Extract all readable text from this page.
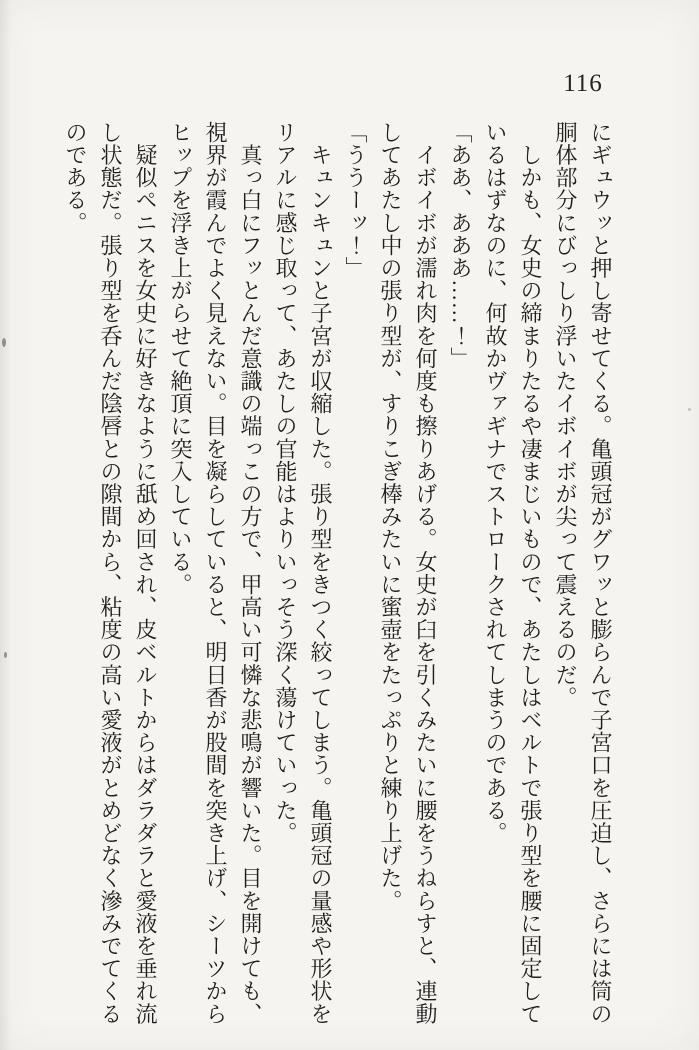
116

にギュウッと押し寄せてくる。亀頭冠がグワッと膨らんで子宮口を圧迫し、さらには筒の胴体部分にびっしり浮いたイボイボが尖って震えるのだ。

　しかも、女史の締まりたるや凄まじいもので、あたしはベルトで張り型を腰に固定しているはずなのに、何故かヴァギナでストロークされてしまうのである。

「ああ、あああ……！」

　イボイボが濡れ肉を何度も擦りあげる。女史が臼を引くみたいに腰をうねらすと、連動してあたし中の張り型が、すりこぎ棒みたいに蜜壺をたっぷりと練り上げた。

「ううーッ！」

　キュンキュンと子宮が収縮した。張り型をきつく絞ってしまう。亀頭冠の量感や形状をリアルに感じ取って、あたしの官能はよりいっそう深く蕩けていった。

　真っ白にフッとんだ意識の端っこの方で、甲高い可憐な悲鳴が響いた。目を開けても、視界が霞んでよく見えない。目を凝らしていると、明日香が股間を突き上げ、シーツからヒップを浮き上がらせて絶頂に突入している。

　疑似ペニスを女史に好きなように舐め回され、皮ベルトからはダラダラと愛液を垂れ流し状態だ。張り型を呑んだ陰唇との隙間から、粘度の高い愛液がとめどなく滲みでてくるのである。
